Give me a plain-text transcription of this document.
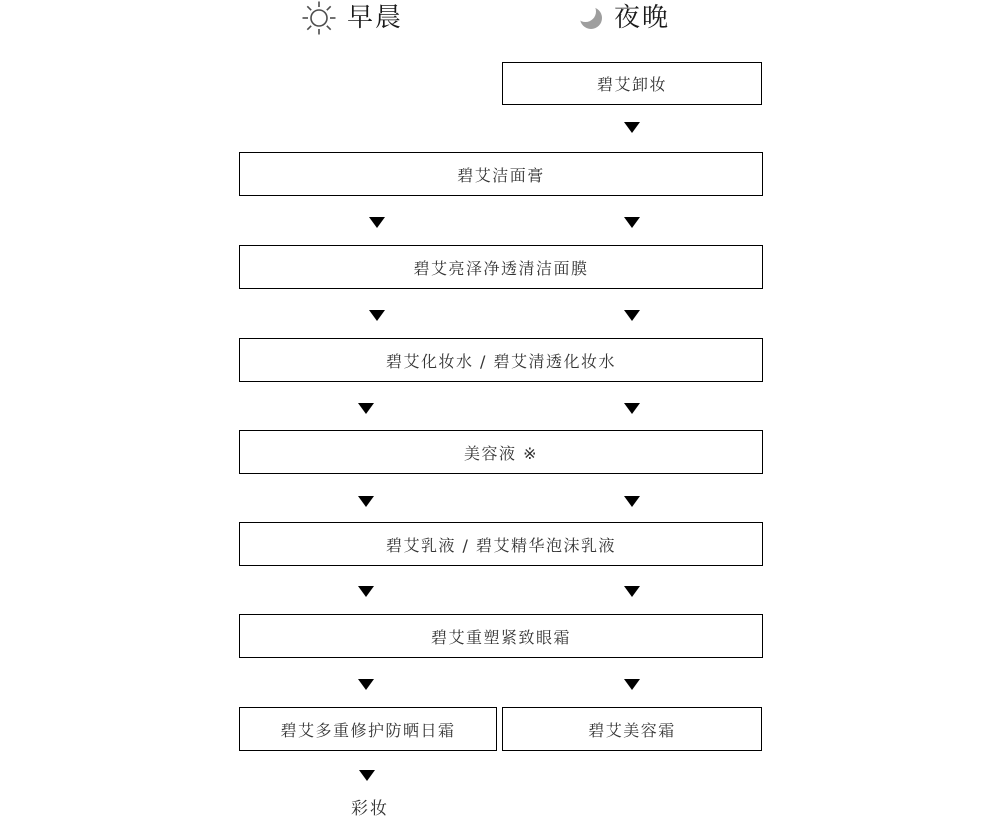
早晨	夜晚
碧艾卸妆
碧艾洁面膏
碧艾亮泽净透清洁面膜
碧艾化妆水 / 碧艾清透化妆水
美容液 ※
碧艾乳液 / 碧艾精华泡沫乳液
碧艾重塑紧致眼霜
碧艾多重修护防晒日霜	碧艾美容霜
彩妆
